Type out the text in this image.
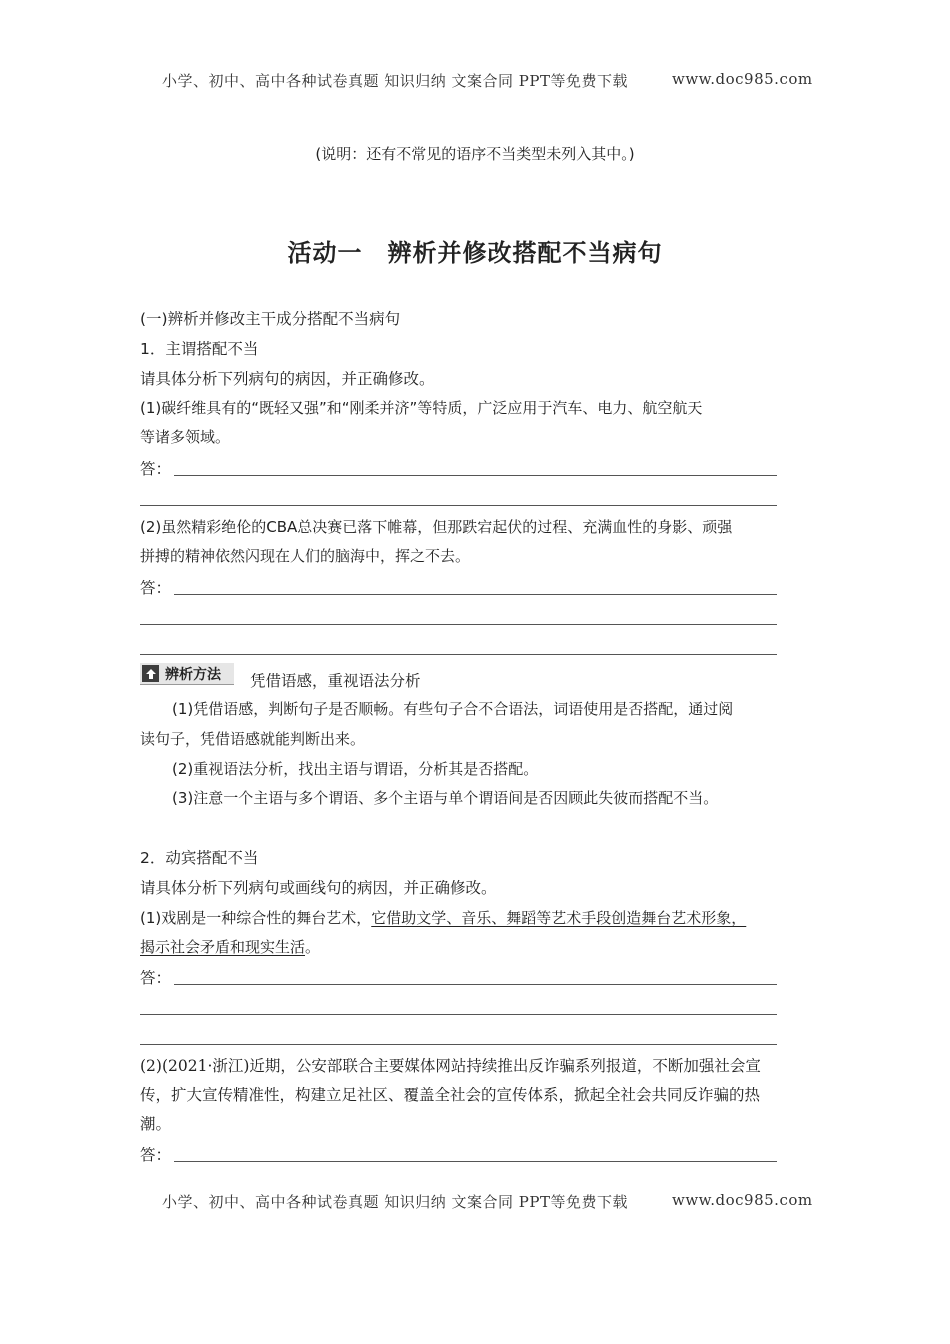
小学、初中、高中各种试卷真题 知识归纳 文案合同 PPT等免费下载	www.doc985.com
(说明：还有不常见的语序不当类型未列入其中。)
活动一　辨析并修改搭配不当病句
(一)辨析并修改主干成分搭配不当病句
1．主谓搭配不当
请具体分析下列病句的病因，并正确修改。
(1)碳纤维具有的“既轻又强”和“刚柔并济”等特质，广泛应用于汽车、电力、航空航天
等诸多领域。
答：
(2)虽然精彩绝伦的CBA总决赛已落下帷幕，但那跌宕起伏的过程、充满血性的身影、顽强
拼搏的精神依然闪现在人们的脑海中，挥之不去。
答：
辨析方法 凭借语感，重视语法分析
(1)凭借语感，判断句子是否顺畅。有些句子合不合语法，词语使用是否搭配，通过阅
读句子，凭借语感就能判断出来。
(2)重视语法分析，找出主语与谓语，分析其是否搭配。
(3)注意一个主语与多个谓语、多个主语与单个谓语间是否因顾此失彼而搭配不当。
2．动宾搭配不当
请具体分析下列病句或画线句的病因，并正确修改。
(1)戏剧是一种综合性的舞台艺术，它借助文学、音乐、舞蹈等艺术手段创造舞台艺术形象，
揭示社会矛盾和现实生活。
答：
(2)(2021·浙江)近期，公安部联合主要媒体网站持续推出反诈骗系列报道，不断加强社会宣
传，扩大宣传精准性，构建立足社区、覆盖全社会的宣传体系，掀起全社会共同反诈骗的热
潮。
答：
小学、初中、高中各种试卷真题 知识归纳 文案合同 PPT等免费下载	www.doc985.com
